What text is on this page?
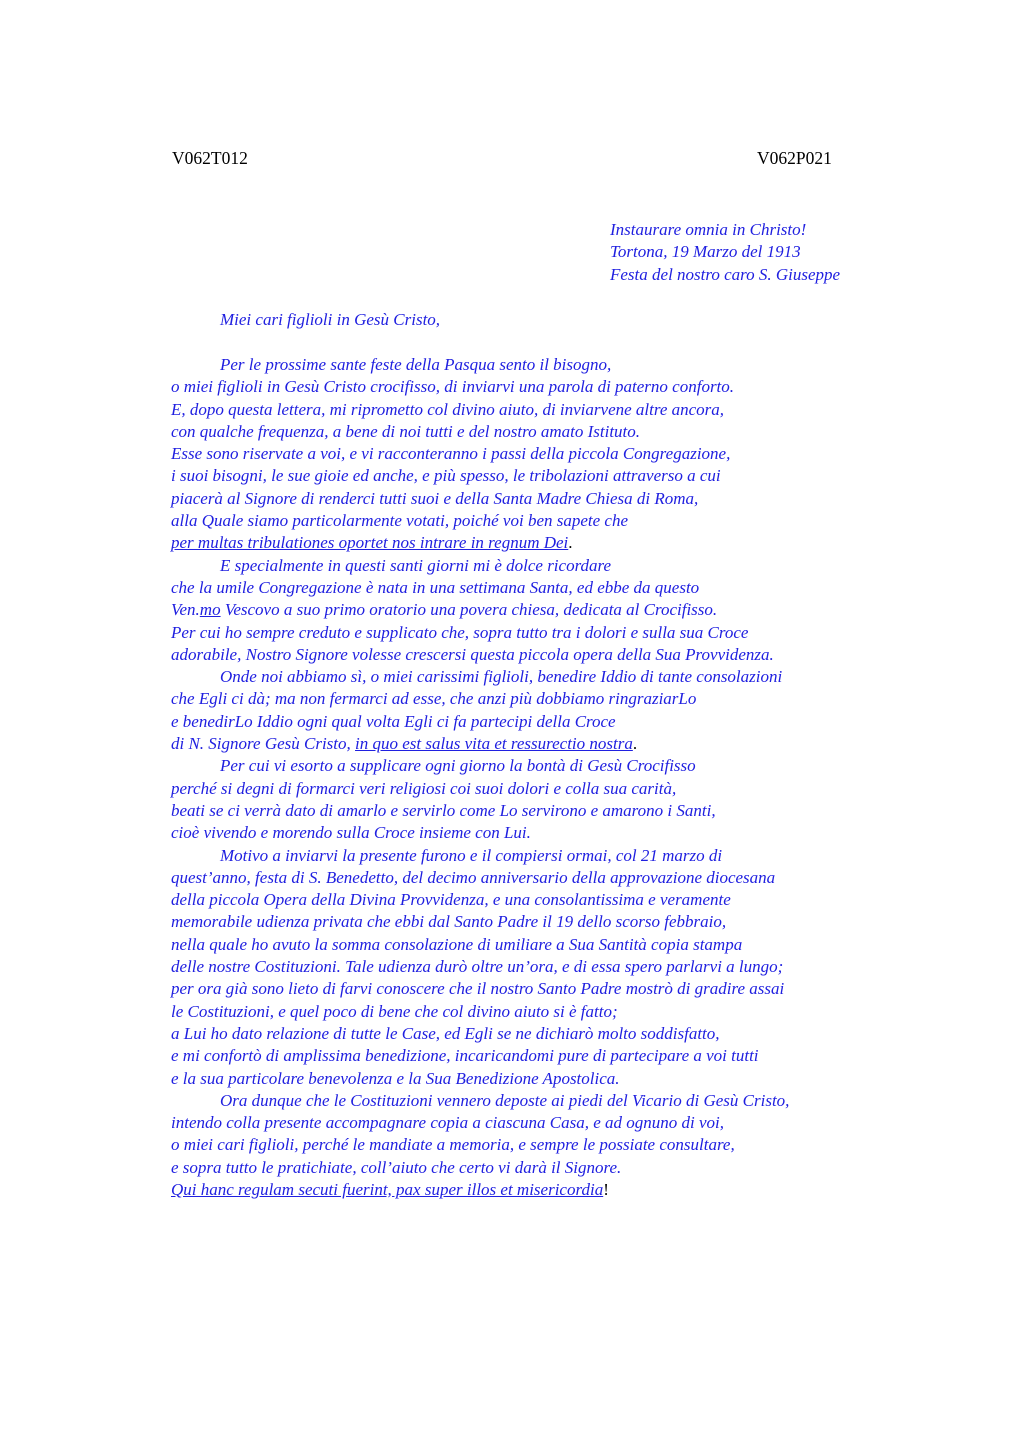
V062T012	V062P021
Instaurare omnia in Christo!
Tortona, 19 Marzo del 1913
Festa del nostro caro S. Giuseppe
Miei cari figlioli in Gesù Cristo,
Per le prossime sante feste della Pasqua sento il bisogno,
o miei figlioli in Gesù Cristo crocifisso, di inviarvi una parola di paterno conforto.
E, dopo questa lettera, mi riprometto col divino aiuto, di inviarvene altre ancora,
con qualche frequenza, a bene di noi tutti e del nostro amato Istituto.
Esse sono riservate a voi, e vi racconteranno i passi della piccola Congregazione,
i suoi bisogni, le sue gioie ed anche, e più spesso, le tribolazioni attraverso a cui
piacerà al Signore di renderci tutti suoi e della Santa Madre Chiesa di Roma,
alla Quale siamo particolarmente votati, poiché voi ben sapete che
per multas tribulationes oportet nos intrare in regnum Dei.
E specialmente in questi santi giorni mi è dolce ricordare
che la umile Congregazione è nata in una settimana Santa, ed ebbe da questo
Ven.mo Vescovo a suo primo oratorio una povera chiesa, dedicata al Crocifisso.
Per cui ho sempre creduto e supplicato che, sopra tutto tra i dolori e sulla sua Croce
adorabile, Nostro Signore volesse crescersi questa piccola opera della Sua Provvidenza.
Onde noi abbiamo sì, o miei carissimi figlioli, benedire Iddio di tante consolazioni
che Egli ci dà; ma non fermarci ad esse, che anzi più dobbiamo ringraziarLo
e benedirLo Iddio ogni qual volta Egli ci fa partecipi della Croce
di N. Signore Gesù Cristo, in quo est salus vita et ressurectio nostra.
Per cui vi esorto a supplicare ogni giorno la bontà di Gesù Crocifisso
perché si degni di formarci veri religiosi coi suoi dolori e colla sua carità,
beati se ci verrà dato di amarlo e servirlo come Lo servirono e amarono i Santi,
cioè vivendo e morendo sulla Croce insieme con Lui.
Motivo a inviarvi la presente furono e il compiersi ormai, col 21 marzo di
quest’anno, festa di S. Benedetto, del decimo anniversario della approvazione diocesana
della piccola Opera della Divina Provvidenza, e una consolantissima e veramente
memorabile udienza privata che ebbi dal Santo Padre il 19 dello scorso febbraio,
nella quale ho avuto la somma consolazione di umiliare a Sua Santità copia stampa
delle nostre Costituzioni. Tale udienza durò oltre un’ora, e di essa spero parlarvi a lungo;
per ora già sono lieto di farvi conoscere che il nostro Santo Padre mostrò di gradire assai
le Costituzioni, e quel poco di bene che col divino aiuto si è fatto;
a Lui ho dato relazione di tutte le Case, ed Egli se ne dichiarò molto soddisfatto,
e mi confortò di amplissima benedizione, incaricandomi pure di partecipare a voi tutti
e la sua particolare benevolenza e la Sua Benedizione Apostolica.
Ora dunque che le Costituzioni vennero deposte ai piedi del Vicario di Gesù Cristo,
intendo colla presente accompagnare copia a ciascuna Casa, e ad ognuno di voi,
o miei cari figlioli, perché le mandiate a memoria, e sempre le possiate consultare,
e sopra tutto le pratichiate, coll’aiuto che certo vi darà il Signore.
Qui hanc regulam secuti fuerint, pax super illos et misericordia!
